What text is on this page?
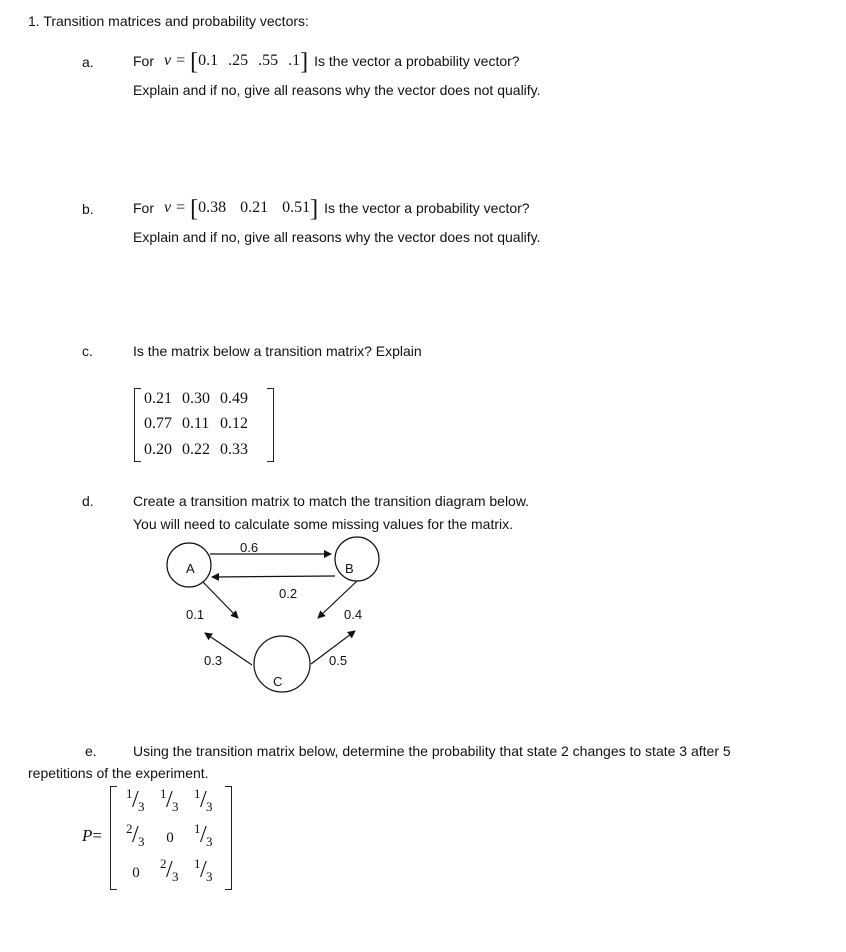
1. Transition matrices and probability vectors:
a.	For v = [ 0.1 .25 .55 .1 ] Is the vector a probability vector?
Explain and if no, give all reasons why the vector does not qualify.
b.	For v = [ 0.38 0.21 0.51 ] Is the vector a probability vector?
Explain and if no, give all reasons why the vector does not qualify.
c.	Is the matrix below a transition matrix? Explain
0.21	0.30	0.49
0.77	0.11	0.12
0.20	0.22	0.33
d.	Create a transition matrix to match the transition diagram below.
You will need to calculate some missing values for the matrix.
A	B
C
0.6
0.2
0.1
0.3
0.4
0.5
e.	Using the transition matrix below, determine the probability that state 2 changes to state 3 after 5
repetitions of the experiment.
P=
1 / 3	1 / 3	1 / 3

2 / 3	0	1 / 3

0	2 / 3	1 / 3
